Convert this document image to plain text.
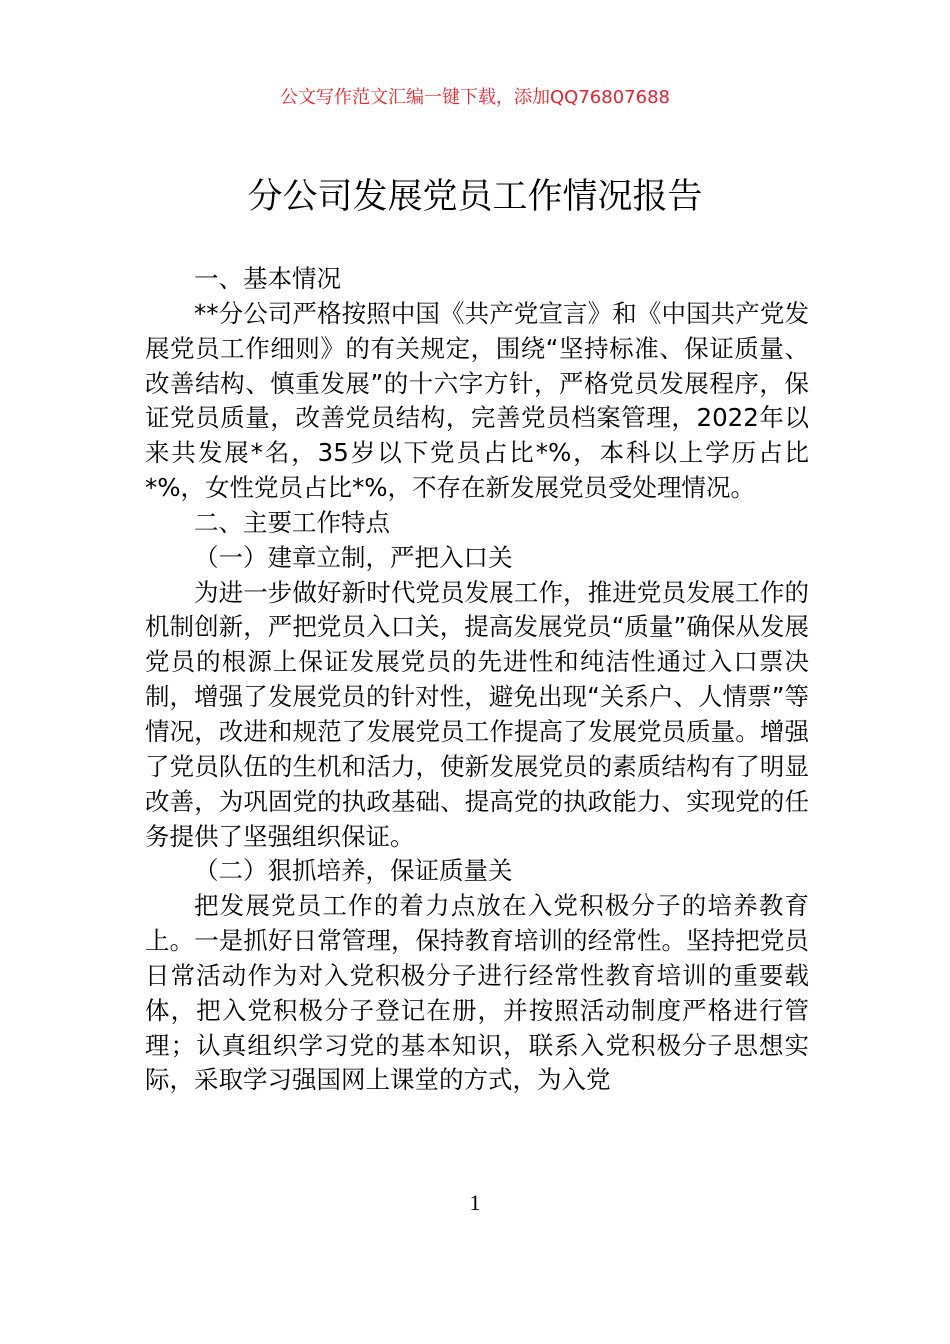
公文写作范文汇编一键下载，添加QQ76807688
分公司发展党员工作情况报告

一、基本情况

**分公司严格按照中国《共产党宣言》和《中国共产党发展党员工作细则》的有关规定，围绕“坚持标准、保证质量、改善结构、慎重发展”的十六字方针，严格党员发展程序，保证党员质量，改善党员结构，完善党员档案管理，2022年以来共发展*名，35岁以下党员占比*%，本科以上学历占比*%，女性党员占比*%，不存在新发展党员受处理情况。

二、主要工作特点

（一）建章立制，严把入口关

为进一步做好新时代党员发展工作，推进党员发展工作的机制创新，严把党员入口关，提高发展党员“质量”确保从发展党员的根源上保证发展党员的先进性和纯洁性通过入口票决制，增强了发展党员的针对性，避免出现“关系户、人情票”等情况，改进和规范了发展党员工作提高了发展党员质量。增强了党员队伍的生机和活力，使新发展党员的素质结构有了明显改善，为巩固党的执政基础、提高党的执政能力、实现党的任务提供了坚强组织保证。

（二）狠抓培养，保证质量关

把发展党员工作的着力点放在入党积极分子的培养教育上。一是抓好日常管理，保持教育培训的经常性。坚持把党员日常活动作为对入党积极分子进行经常性教育培训的重要载体，把入党积极分子登记在册，并按照活动制度严格进行管理；认真组织学习党的基本知识，联系入党积极分子思想实际，采取学习强国网上课堂的方式，为入党

1
